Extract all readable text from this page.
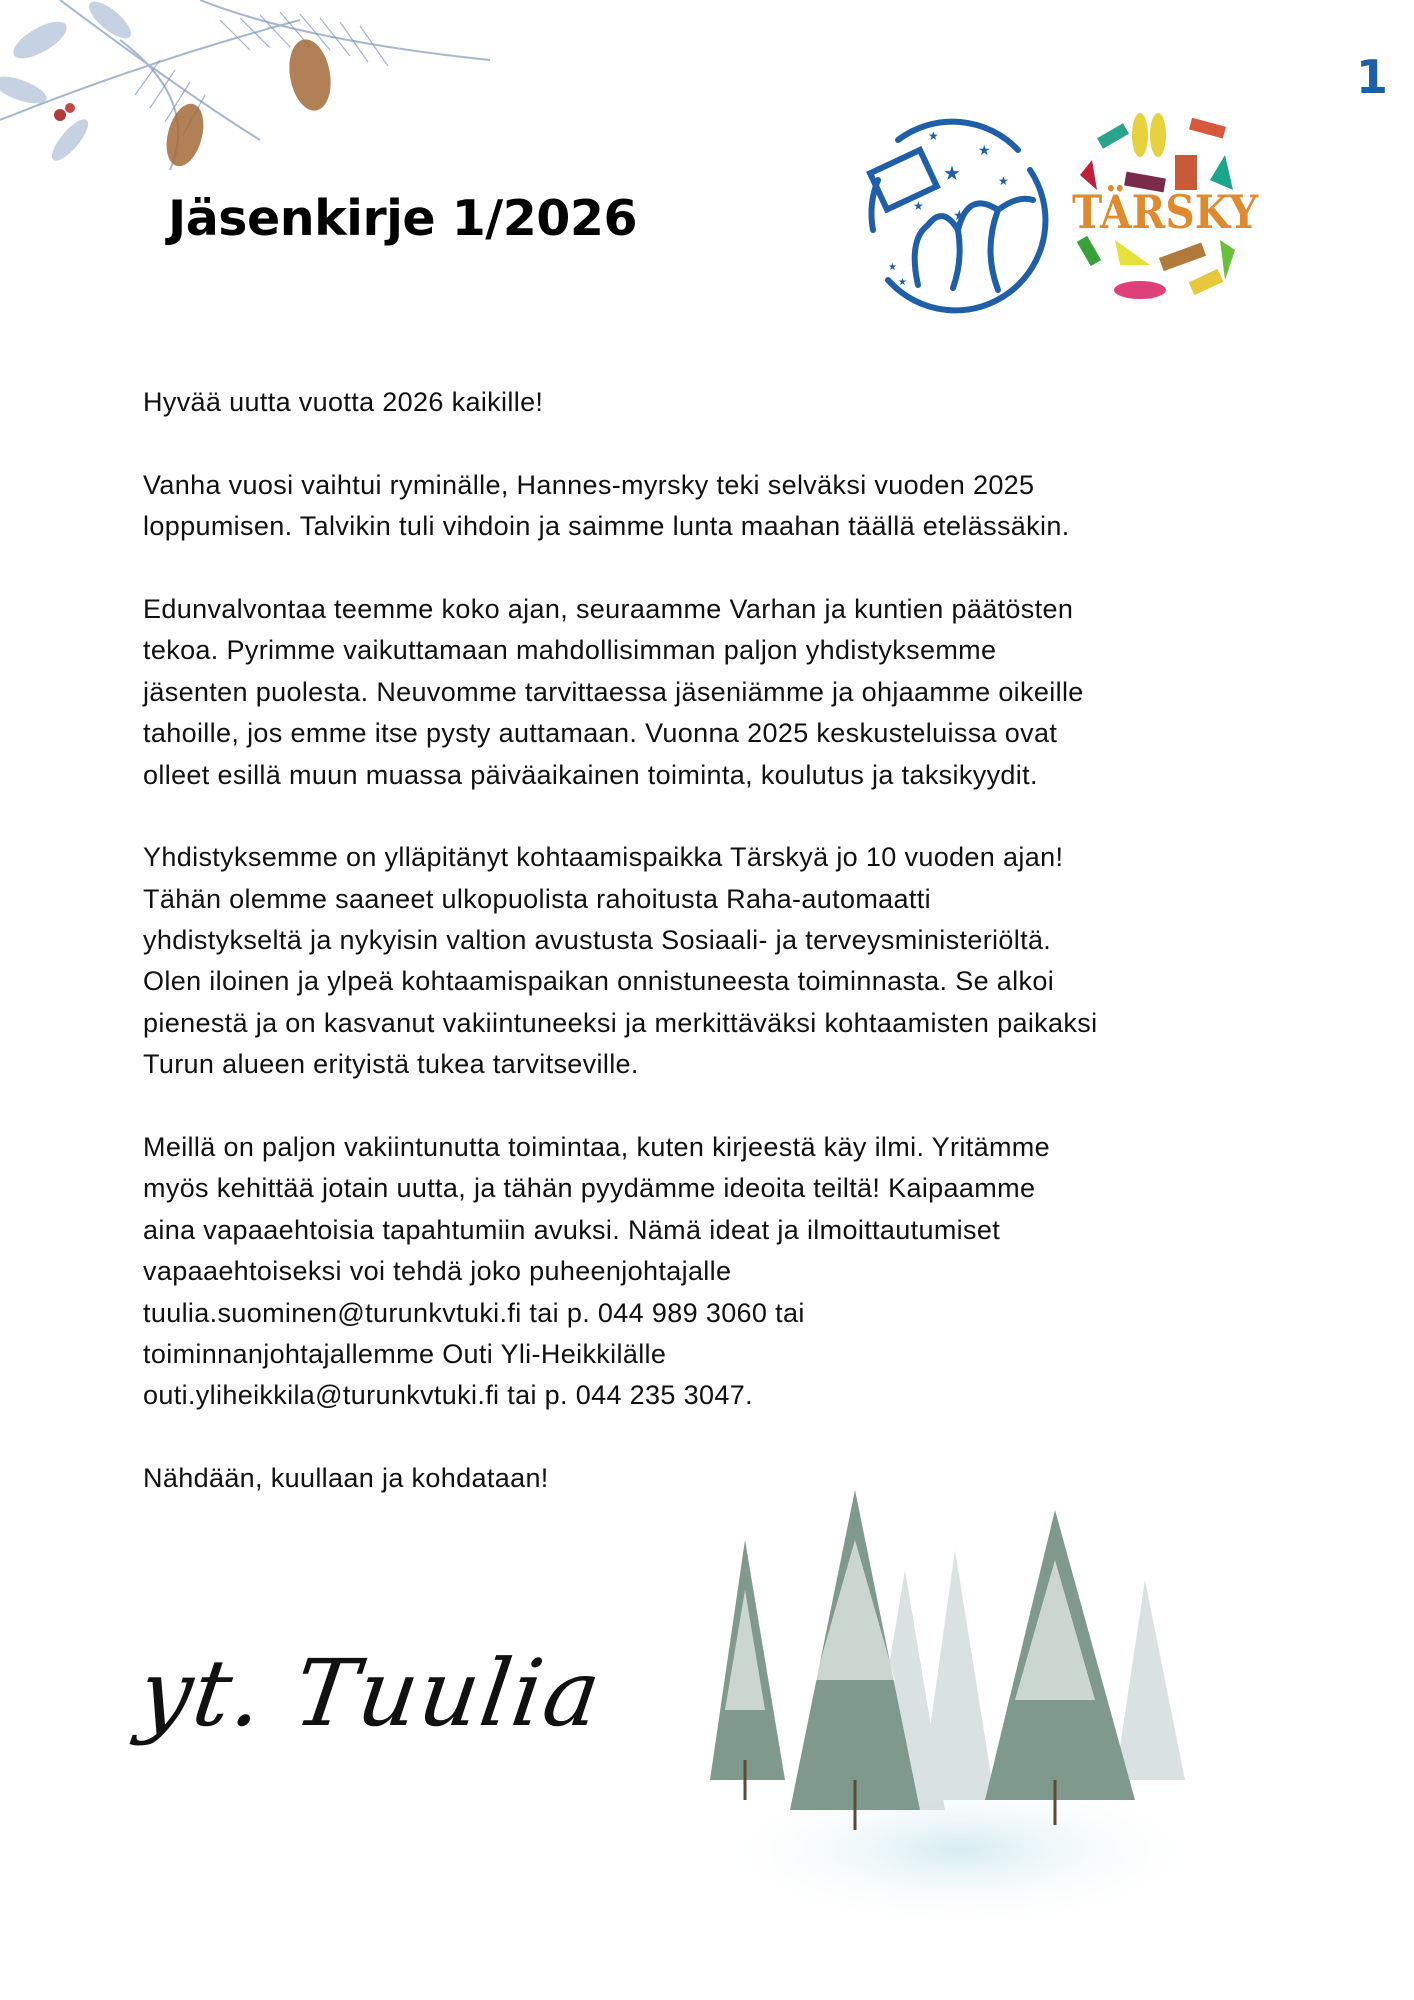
1
Jäsenkirje 1/2026
★
★
★
★
★
★
★
★
TÄRSKY
Hyvää uutta vuotta 2026 kaikille!
Vanha vuosi vaihtui ryminälle, Hannes-myrsky teki selväksi vuoden 2025
loppumisen. Talvikin tuli vihdoin ja saimme lunta maahan täällä etelässäkin.
Edunvalvontaa teemme koko ajan, seuraamme Varhan ja kuntien päätösten
tekoa. Pyrimme vaikuttamaan mahdollisimman paljon yhdistyksemme
jäsenten puolesta. Neuvomme tarvittaessa jäseniämme ja ohjaamme oikeille
tahoille, jos emme itse pysty auttamaan. Vuonna 2025 keskusteluissa ovat
olleet esillä muun muassa päiväaikainen toiminta, koulutus ja taksikyydit.
Yhdistyksemme on ylläpitänyt kohtaamispaikka Tärskyä jo 10 vuoden ajan!
Tähän olemme saaneet ulkopuolista rahoitusta Raha-automaatti
yhdistykseltä ja nykyisin valtion avustusta Sosiaali- ja terveysministeriöltä.
Olen iloinen ja ylpeä kohtaamispaikan onnistuneesta toiminnasta. Se alkoi
pienestä ja on kasvanut vakiintuneeksi ja merkittäväksi kohtaamisten paikaksi
Turun alueen erityistä tukea tarvitseville.
Meillä on paljon vakiintunutta toimintaa, kuten kirjeestä käy ilmi. Yritämme
myös kehittää jotain uutta, ja tähän pyydämme ideoita teiltä! Kaipaamme
aina vapaaehtoisia tapahtumiin avuksi. Nämä ideat ja ilmoittautumiset
vapaaehtoiseksi voi tehdä joko puheenjohtajalle
tuulia.suominen@turunkvtuki.fi tai p. 044 989 3060 tai
toiminnanjohtajallemme Outi Yli-Heikkilälle
outi.yliheikkila@turunkvtuki.fi tai p. 044 235 3047.
Nähdään, kuullaan ja kohdataan!
yt. Tuulia
